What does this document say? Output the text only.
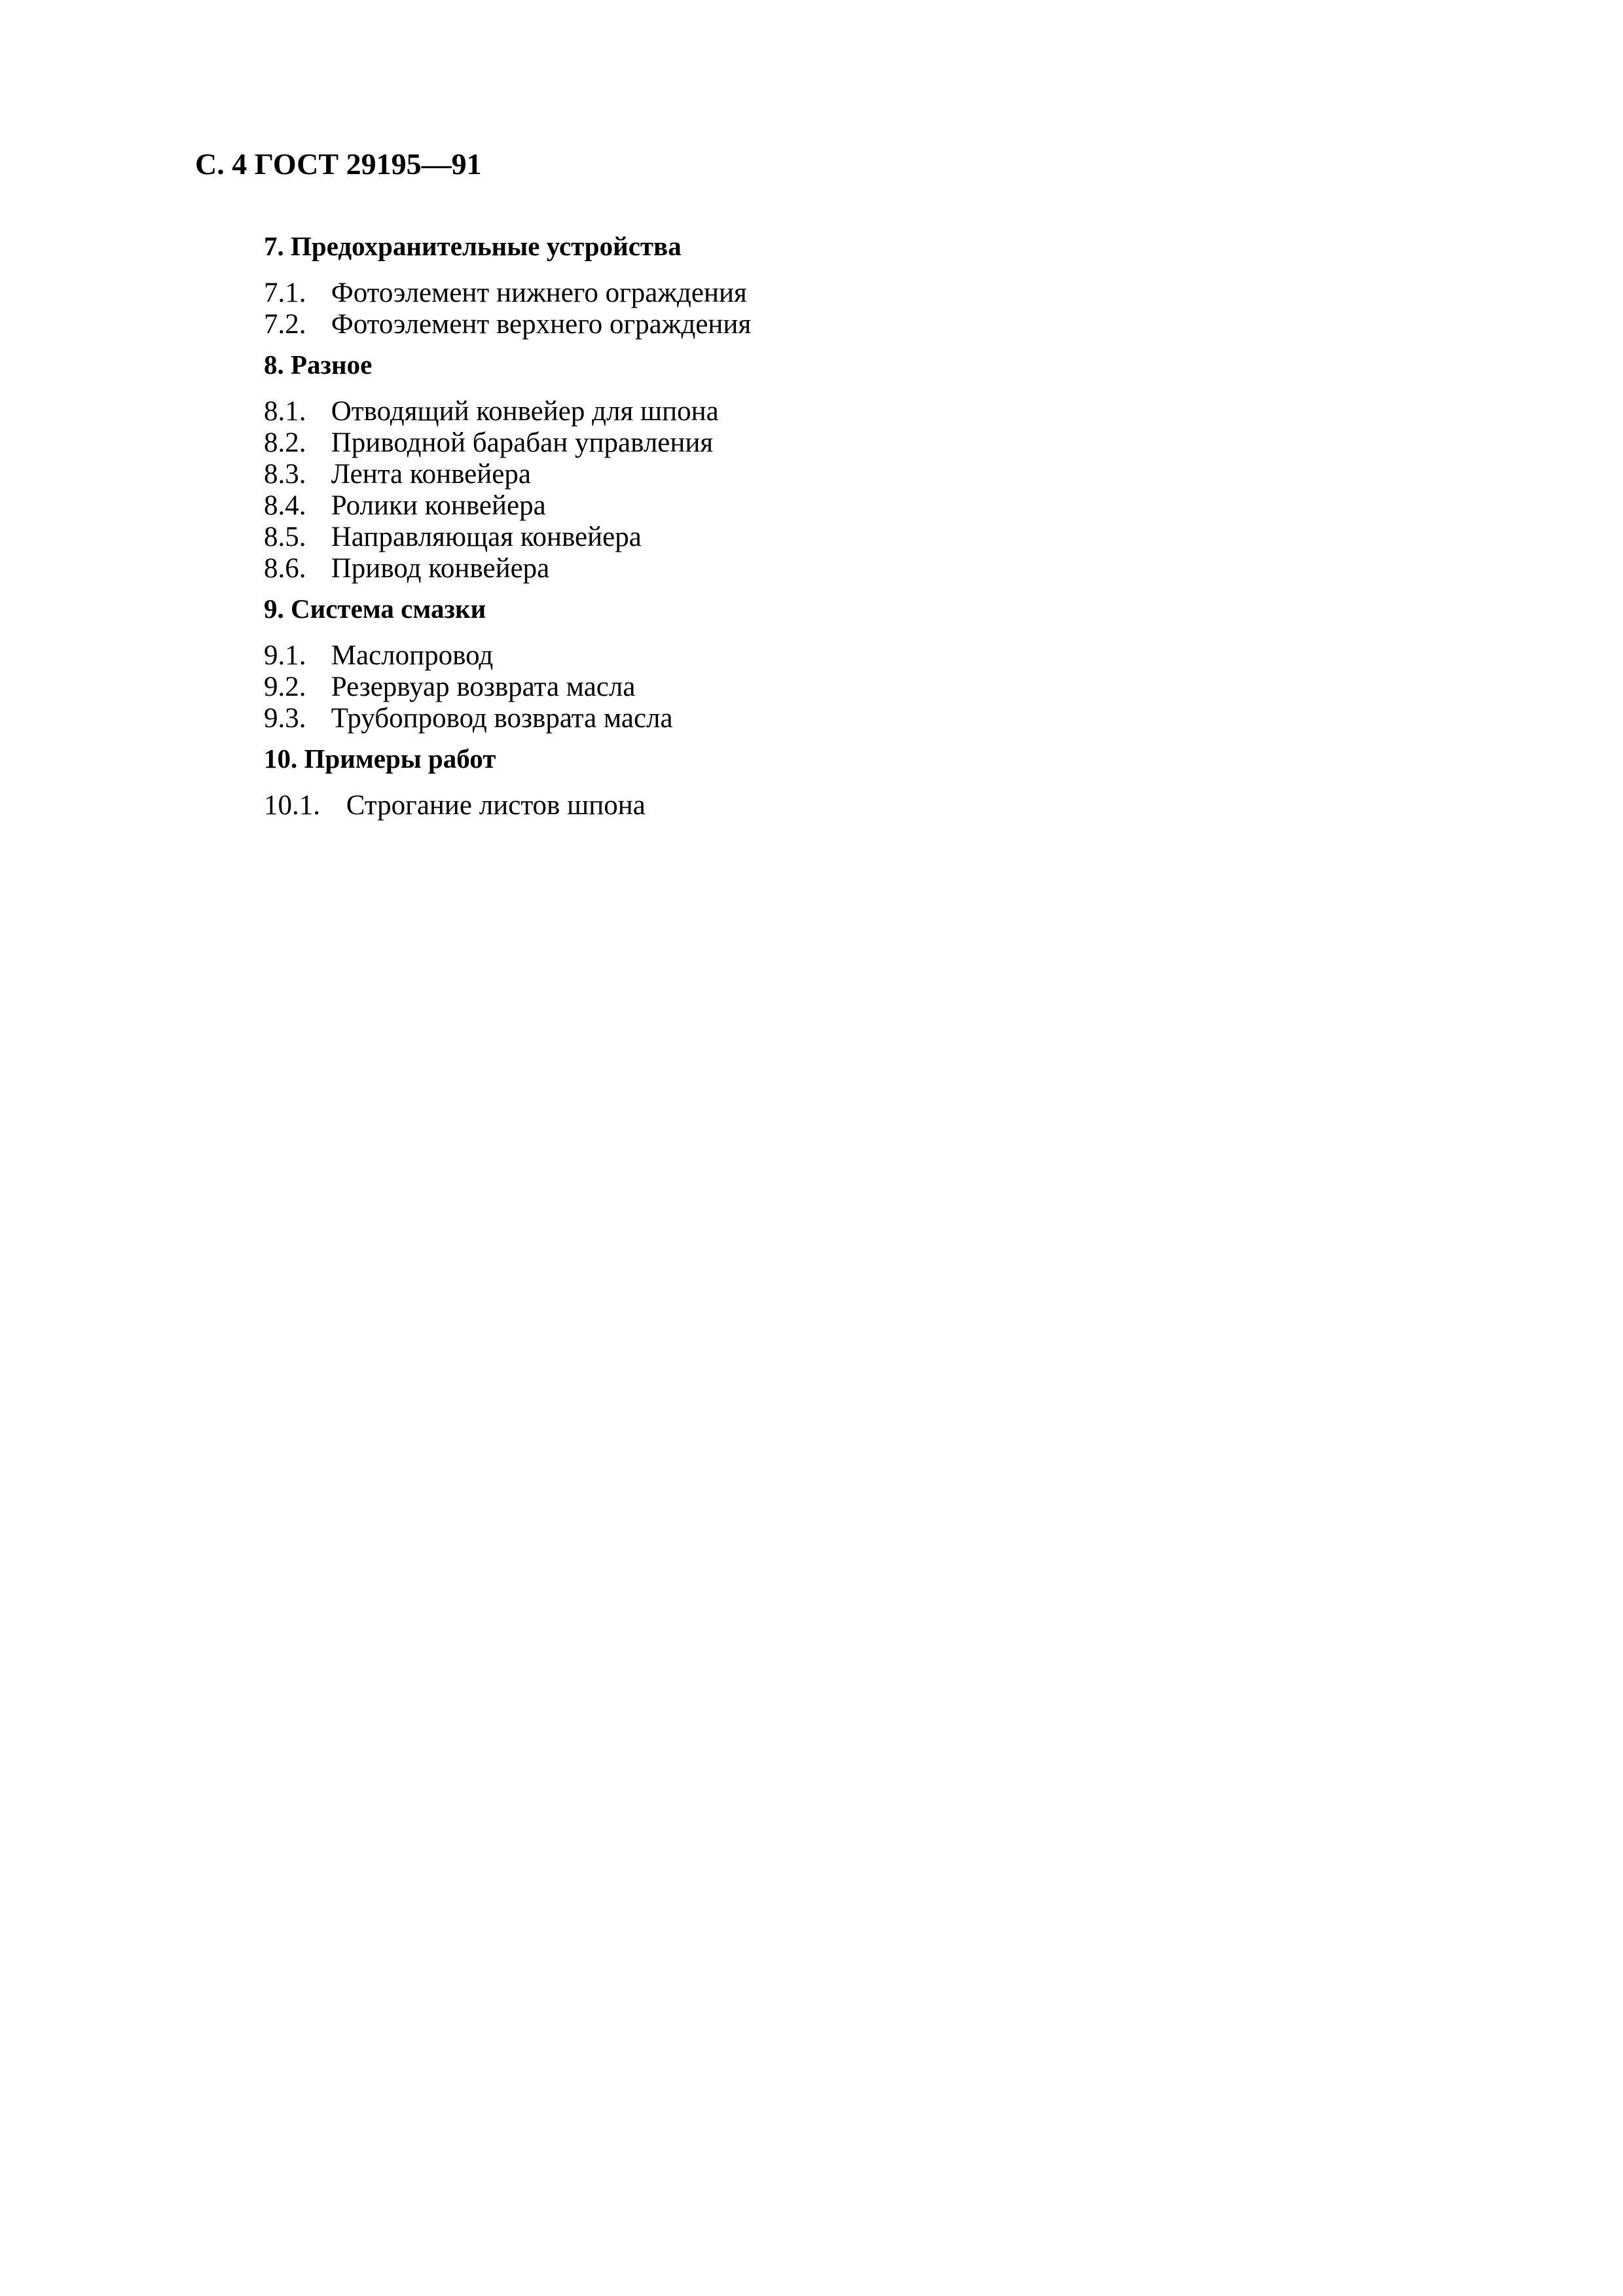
С. 4 ГОСТ 29195—91
7. Предохранительные устройства
7.1. Фотоэлемент нижнего ограждения
7.2. Фотоэлемент верхнего ограждения
8. Разное
8.1. Отводящий конвейер для шпона
8.2. Приводной барабан управления
8.3. Лента конвейера
8.4. Ролики конвейера
8.5. Направляющая конвейера
8.6. Привод конвейера
9. Система смазки
9.1. Маслопровод
9.2. Резервуар возврата масла
9.3. Трубопровод возврата масла
10. Примеры работ
10.1. Строгание листов шпона
